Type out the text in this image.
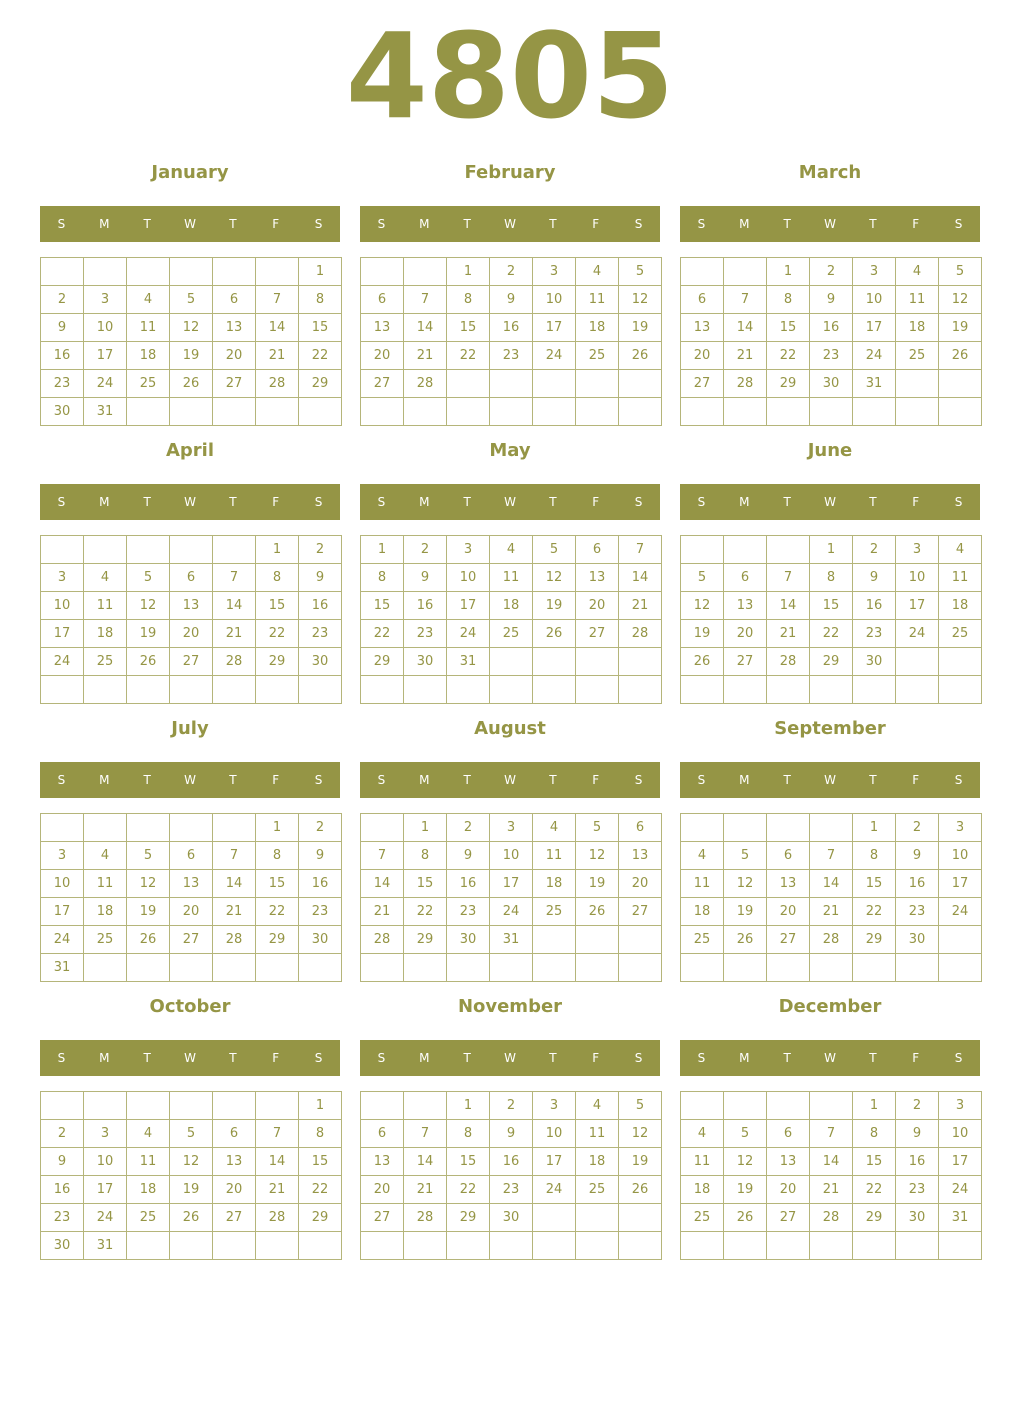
4805
January
S	M	T	W	T	F	S
						1
2	3	4	5	6	7	8
9	10	11	12	13	14	15
16	17	18	19	20	21	22
23	24	25	26	27	28	29
30	31					
February
S	M	T	W	T	F	S
		1	2	3	4	5
6	7	8	9	10	11	12
13	14	15	16	17	18	19
20	21	22	23	24	25	26
27	28					

March
S	M	T	W	T	F	S
		1	2	3	4	5
6	7	8	9	10	11	12
13	14	15	16	17	18	19
20	21	22	23	24	25	26
27	28	29	30	31		

April
S	M	T	W	T	F	S
					1	2
3	4	5	6	7	8	9
10	11	12	13	14	15	16
17	18	19	20	21	22	23
24	25	26	27	28	29	30

May
S	M	T	W	T	F	S
1	2	3	4	5	6	7
8	9	10	11	12	13	14
15	16	17	18	19	20	21
22	23	24	25	26	27	28
29	30	31				

June
S	M	T	W	T	F	S
			1	2	3	4
5	6	7	8	9	10	11
12	13	14	15	16	17	18
19	20	21	22	23	24	25
26	27	28	29	30		

July
S	M	T	W	T	F	S
					1	2
3	4	5	6	7	8	9
10	11	12	13	14	15	16
17	18	19	20	21	22	23
24	25	26	27	28	29	30
31						
August
S	M	T	W	T	F	S
	1	2	3	4	5	6
7	8	9	10	11	12	13
14	15	16	17	18	19	20
21	22	23	24	25	26	27
28	29	30	31			

September
S	M	T	W	T	F	S
				1	2	3
4	5	6	7	8	9	10
11	12	13	14	15	16	17
18	19	20	21	22	23	24
25	26	27	28	29	30	

October
S	M	T	W	T	F	S
						1
2	3	4	5	6	7	8
9	10	11	12	13	14	15
16	17	18	19	20	21	22
23	24	25	26	27	28	29
30	31					
November
S	M	T	W	T	F	S
		1	2	3	4	5
6	7	8	9	10	11	12
13	14	15	16	17	18	19
20	21	22	23	24	25	26
27	28	29	30			

December
S	M	T	W	T	F	S
				1	2	3
4	5	6	7	8	9	10
11	12	13	14	15	16	17
18	19	20	21	22	23	24
25	26	27	28	29	30	31
